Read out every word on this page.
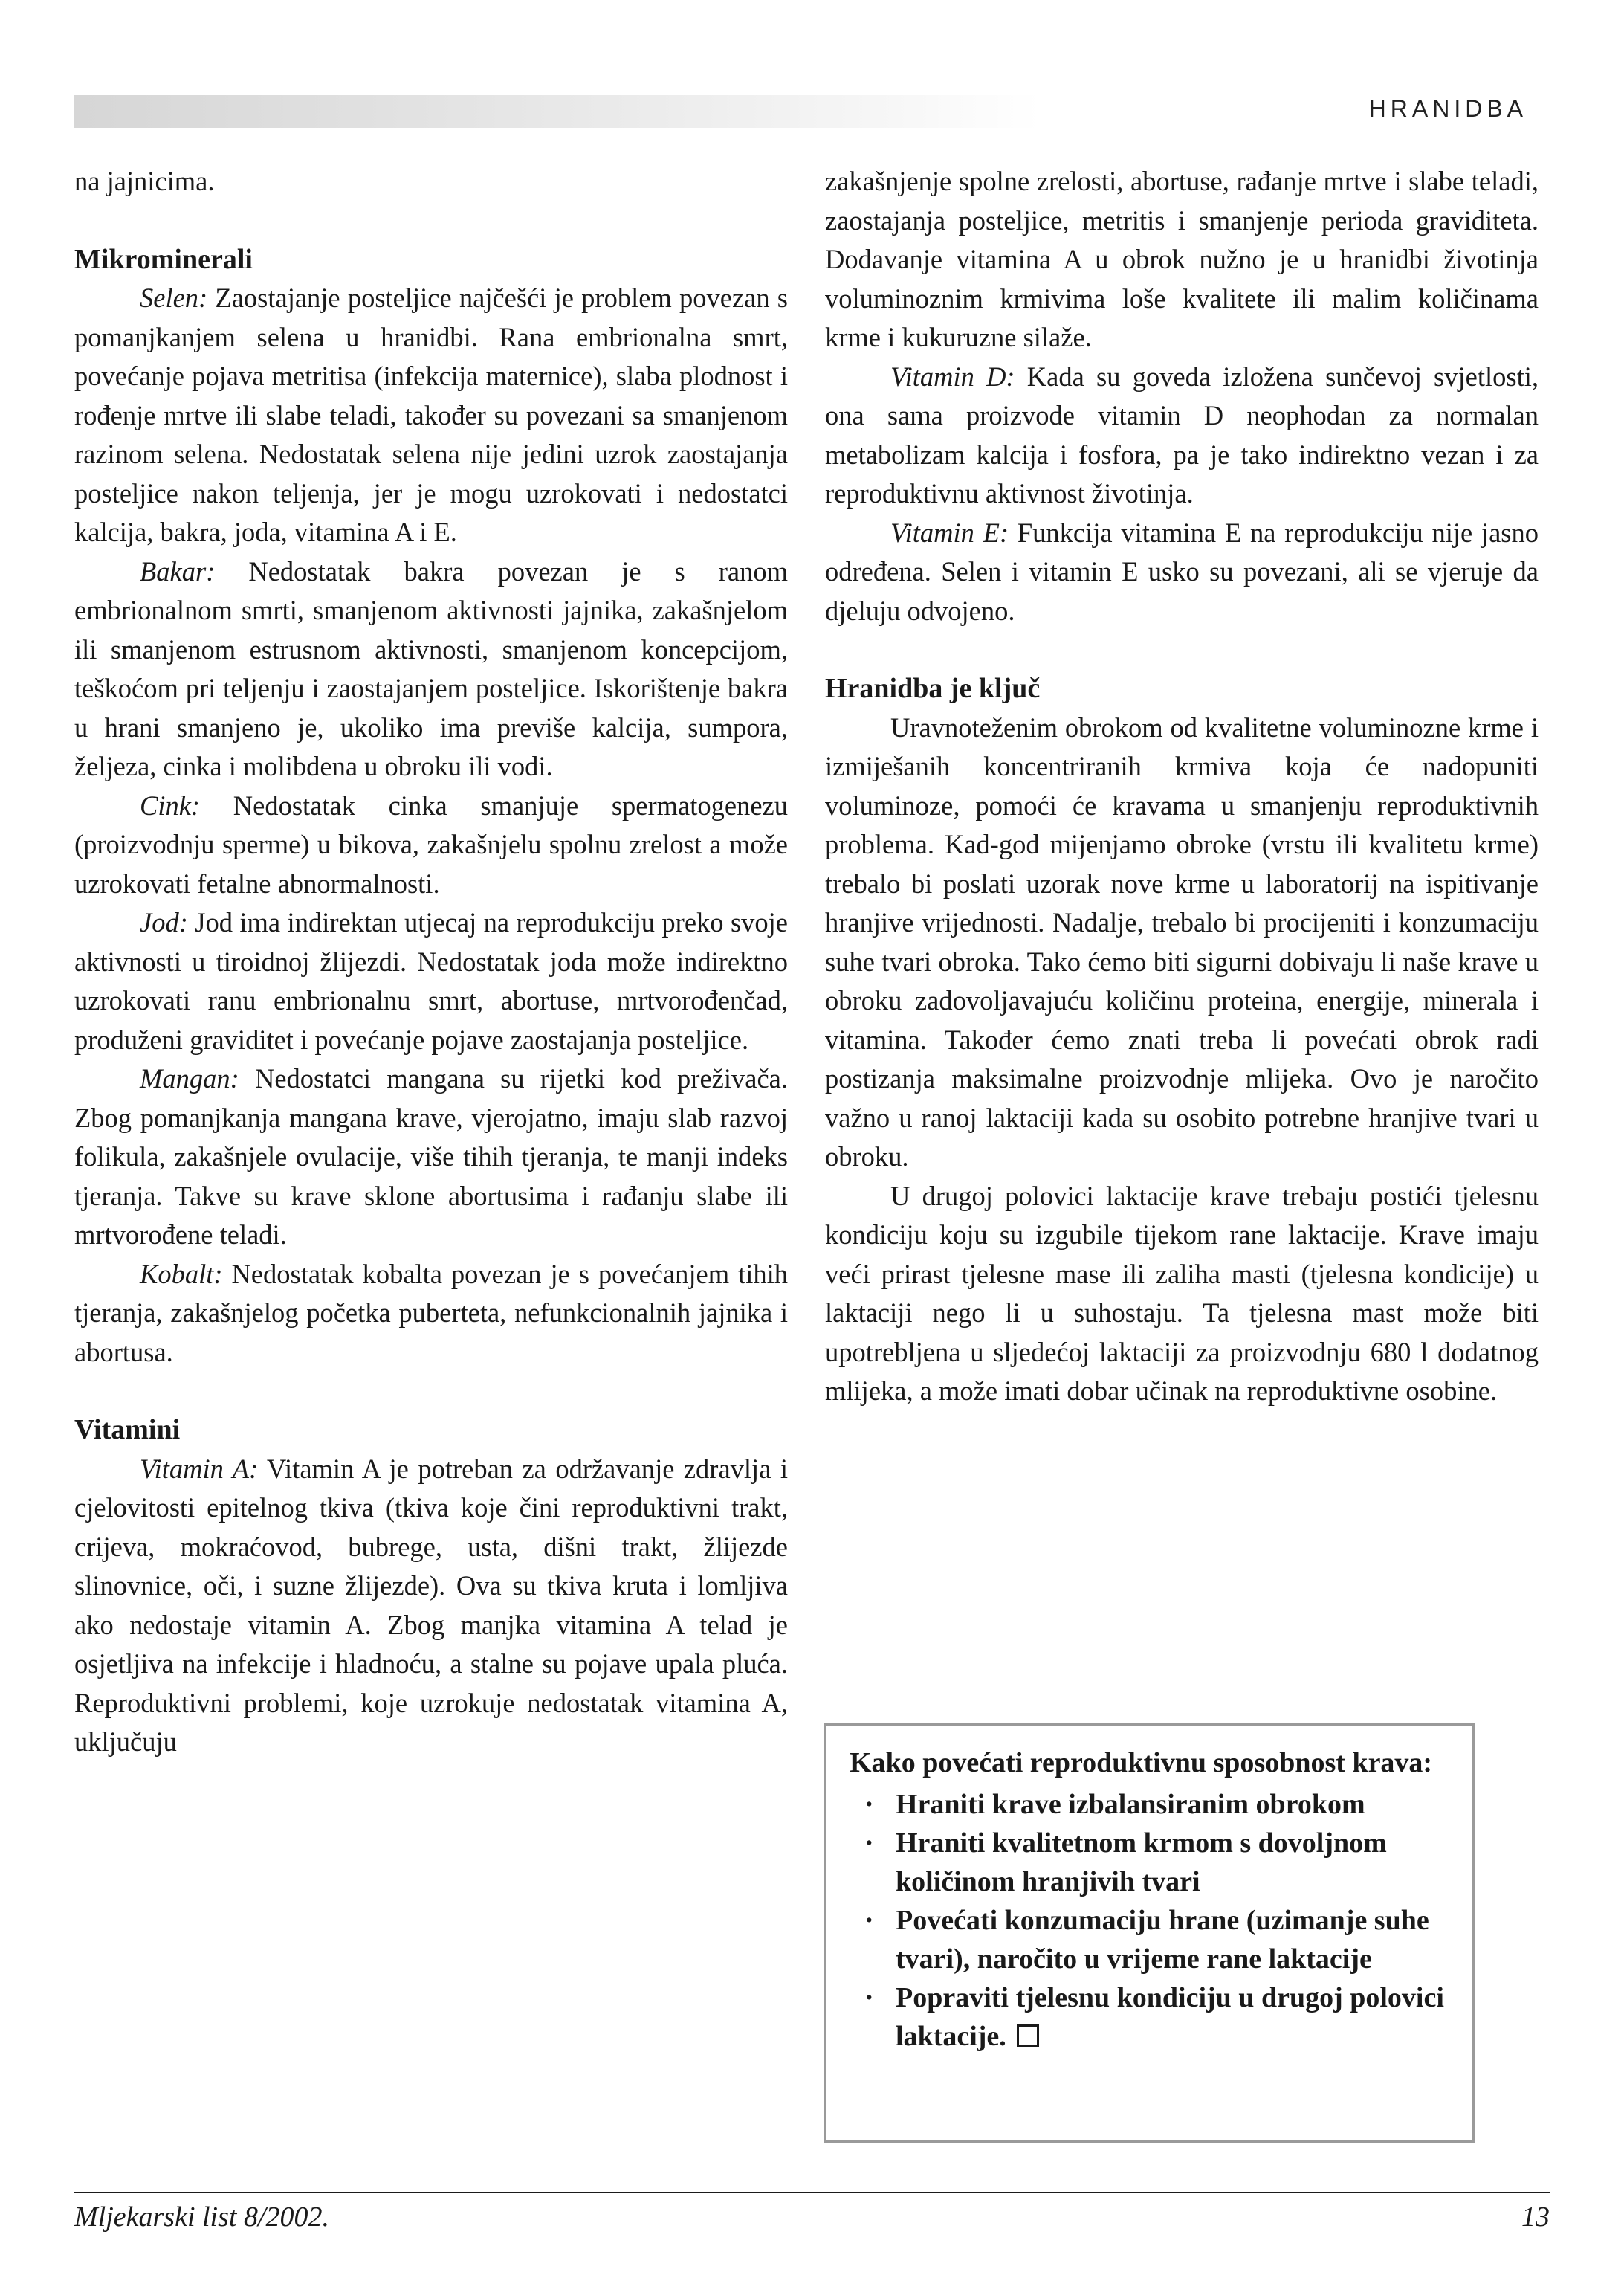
HRANIDBA

na jajnicima.

Mikrominerali

Selen: Zaostajanje posteljice najčešći je problem povezan s pomanjkanjem selena u hranidbi. Rana embrionalna smrt, povećanje pojava metritisa (infekcija maternice), slaba plodnost i rođenje mrtve ili slabe teladi, također su povezani sa smanjenom razinom selena. Nedostatak selena nije jedini uzrok zaostajanja posteljice nakon teljenja, jer je mogu uzrokovati i nedostatci kalcija, bakra, joda, vitamina A i E.

Bakar: Nedostatak bakra povezan je s ranom embrionalnom smrti, smanjenom aktivnosti jajnika, zakašnjelom ili smanjenom estrusnom aktivnosti, smanjenom koncepcijom, teškoćom pri teljenju i zaostajanjem posteljice. Iskorištenje bakra u hrani smanjeno je, ukoliko ima previše kalcija, sumpora, željeza, cinka i molibdena u obroku ili vodi.

Cink: Nedostatak cinka smanjuje spermatogenezu (proizvodnju sperme) u bikova, zakašnjelu spolnu zrelost a može uzrokovati fetalne abnormalnosti.

Jod: Jod ima indirektan utjecaj na reprodukciju preko svoje aktivnosti u tiroidnoj žlijezdi. Nedostatak joda može indirektno uzrokovati ranu embrionalnu smrt, abortuse, mrtvorođenčad, produženi graviditet i povećanje pojave zaostajanja posteljice.

Mangan: Nedostatci mangana su rijetki kod preživača. Zbog pomanjkanja mangana krave, vjerojatno, imaju slab razvoj folikula, zakašnjele ovulacije, više tihih tjeranja, te manji indeks tjeranja. Takve su krave sklone abortusima i rađanju slabe ili mrtvorođene teladi.

Kobalt: Nedostatak kobalta povezan je s povećanjem tihih tjeranja, zakašnjelog početka puberteta, nefunkcionalnih jajnika i abortusa.

Vitamini

Vitamin A: Vitamin A je potreban za održavanje zdravlja i cjelovitosti epitelnog tkiva (tkiva koje čini reproduktivni trakt, crijeva, mokraćovod, bubrege, usta, dišni trakt, žlijezde slinovnice, oči, i suzne žlijezde). Ova su tkiva kruta i lomljiva ako nedostaje vitamin A. Zbog manjka vitamina A telad je osjetljiva na infekcije i hladnoću, a stalne su pojave upala pluća. Reproduktivni problemi, koje uzrokuje nedostatak vitamina A, uključuju

zakašnjenje spolne zrelosti, abortuse, rađanje mrtve i slabe teladi, zaostajanja posteljice, metritis i smanjenje perioda graviditeta. Dodavanje vitamina A u obrok nužno je u hranidbi životinja voluminoznim krmivima loše kvalitete ili malim količinama krme i kukuruzne silaže.

Vitamin D: Kada su goveda izložena sunčevoj svjetlosti, ona sama proizvode vitamin D neophodan za normalan metabolizam kalcija i fosfora, pa je tako indirektno vezan i za reproduktivnu aktivnost životinja.

Vitamin E: Funkcija vitamina E na reprodukciju nije jasno određena. Selen i vitamin E usko su povezani, ali se vjeruje da djeluju odvojeno.

Hranidba je ključ

Uravnoteženim obrokom od kvalitetne voluminozne krme i izmiješanih koncentriranih krmiva koja će nadopuniti voluminoze, pomoći će kravama u smanjenju reproduktivnih problema. Kad-god mijenjamo obroke (vrstu ili kvalitetu krme) trebalo bi poslati uzorak nove krme u laboratorij na ispitivanje hranjive vrijednosti. Nadalje, trebalo bi procijeniti i konzumaciju suhe tvari obroka. Tako ćemo biti sigurni dobivaju li naše krave u obroku zadovoljavajuću količinu proteina, energije, minerala i vitamina. Također ćemo znati treba li povećati obrok radi postizanja maksimalne proizvodnje mlijeka. Ovo je naročito važno u ranoj laktaciji kada su osobito potrebne hranjive tvari u obroku.

U drugoj polovici laktacije krave trebaju postići tjelesnu kondiciju koju su izgubile tijekom rane laktacije. Krave imaju veći prirast tjelesne mase ili zaliha masti (tjelesna kondicije) u laktaciji nego li u suhostaju. Ta tjelesna mast može biti upotrebljena u sljedećoj laktaciji za proizvodnju 680 l dodatnog mlijeka, a može imati dobar učinak na reproduktivne osobine.

Kako povećati reproduktivnu sposobnost krava:

· Hraniti krave izbalansiranim obrokom
· Hraniti kvalitetnom krmom s dovoljnom količinom hranjivih tvari
· Povećati konzumaciju hrane (uzimanje suhe tvari), naročito u vrijeme rane laktacije
· Popraviti tjelesnu kondiciju u drugoj polovici laktacije.
Mljekarski list 8/2002.	13
